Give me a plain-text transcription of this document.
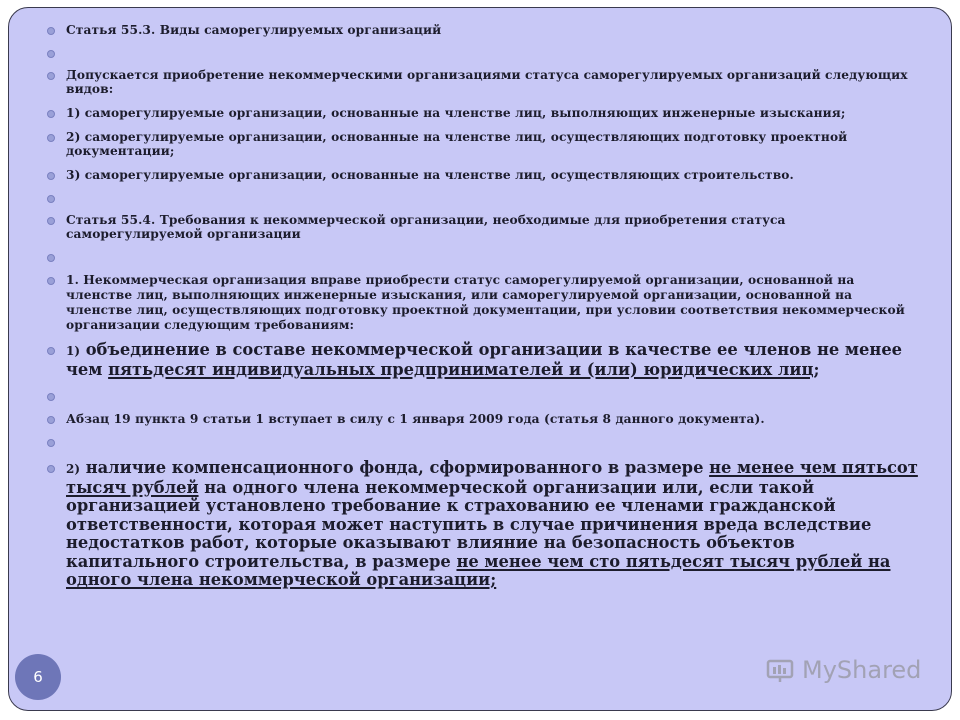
Статья 55.3. Виды саморегулируемых организаций
Допускается приобретение некоммерческими организациями статуса саморегулируемых организаций следующих видов:
1) саморегулируемые организации, основанные на членстве лиц, выполняющих инженерные изыскания;
2) саморегулируемые организации, основанные на членстве лиц, осуществляющих подготовку проектной документации;
3) саморегулируемые организации, основанные на членстве лиц, осуществляющих строительство.
Статья 55.4. Требования к некоммерческой организации, необходимые для приобретения статуса саморегулируемой организации
1. Некоммерческая организация вправе приобрести статус саморегулируемой организации, основанной на членстве лиц, выполняющих инженерные изыскания, или саморегулируемой организации, основанной на членстве лиц, осуществляющих подготовку проектной документации, при условии соответствия некоммерческой организации следующим требованиям:
1) объединение в составе некоммерческой организации в качестве ее членов не менее чем пятьдесят индивидуальных предпринимателей и (или) юридических лиц;
Абзац 19 пункта 9 статьи 1 вступает в силу с 1 января 2009 года (статья 8 данного документа).
2) наличие компенсационного фонда, сформированного в размере не менее чем пятьсот тысяч рублей на одного члена некоммерческой организации или, если такой организацией установлено требование к страхованию ее членами гражданской ответственности, которая может наступить в случае причинения вреда вследствие недостатков работ, которые оказывают влияние на безопасность объектов капитального строительства, в размере не менее чем сто пятьдесят тысяч рублей на одного члена некоммерческой организации;
6	MyShared
